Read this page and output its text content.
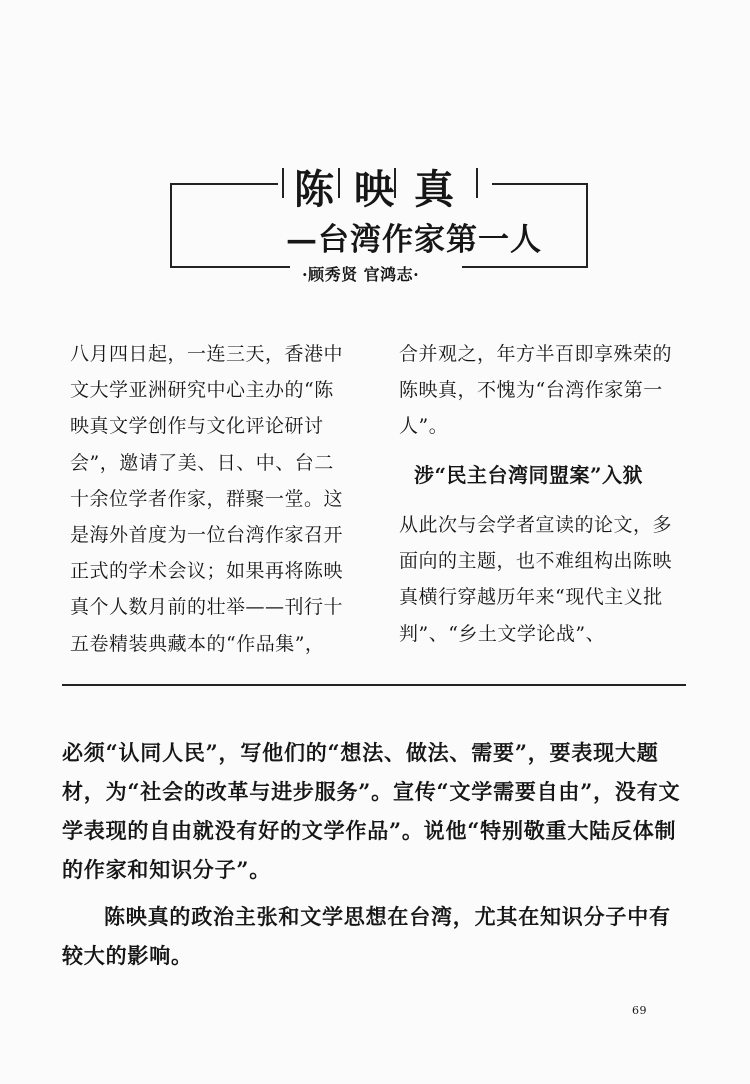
陈映真
—台湾作家第一人
·顾秀贤 官鸿志·
八月四日起，一连三天，香港中文大学亚洲研究中心主办的“陈映真文学创作与文化评论研讨会”，邀请了美、日、中、台二十余位学者作家，群聚一堂。这是海外首度为一位台湾作家召开正式的学术会议；如果再将陈映真个人数月前的壮举——刊行十五卷精装典藏本的“作品集”，
合并观之，年方半百即享殊荣的陈映真，不愧为“台湾作家第一人”。
涉“民主台湾同盟案”入狱
从此次与会学者宣读的论文，多面向的主题，也不难组构出陈映真横行穿越历年来“现代主义批判”、“乡土文学论战”、

必须“认同人民”，写他们的“想法、做法、需要”，要表现大题材，为“社会的改革与进步服务”。宣传“文学需要自由”，没有文学表现的自由就没有好的文学作品”。说他“特别敬重大陆反体制的作家和知识分子”。

陈映真的政治主张和文学思想在台湾，尤其在知识分子中有较大的影响。

69
